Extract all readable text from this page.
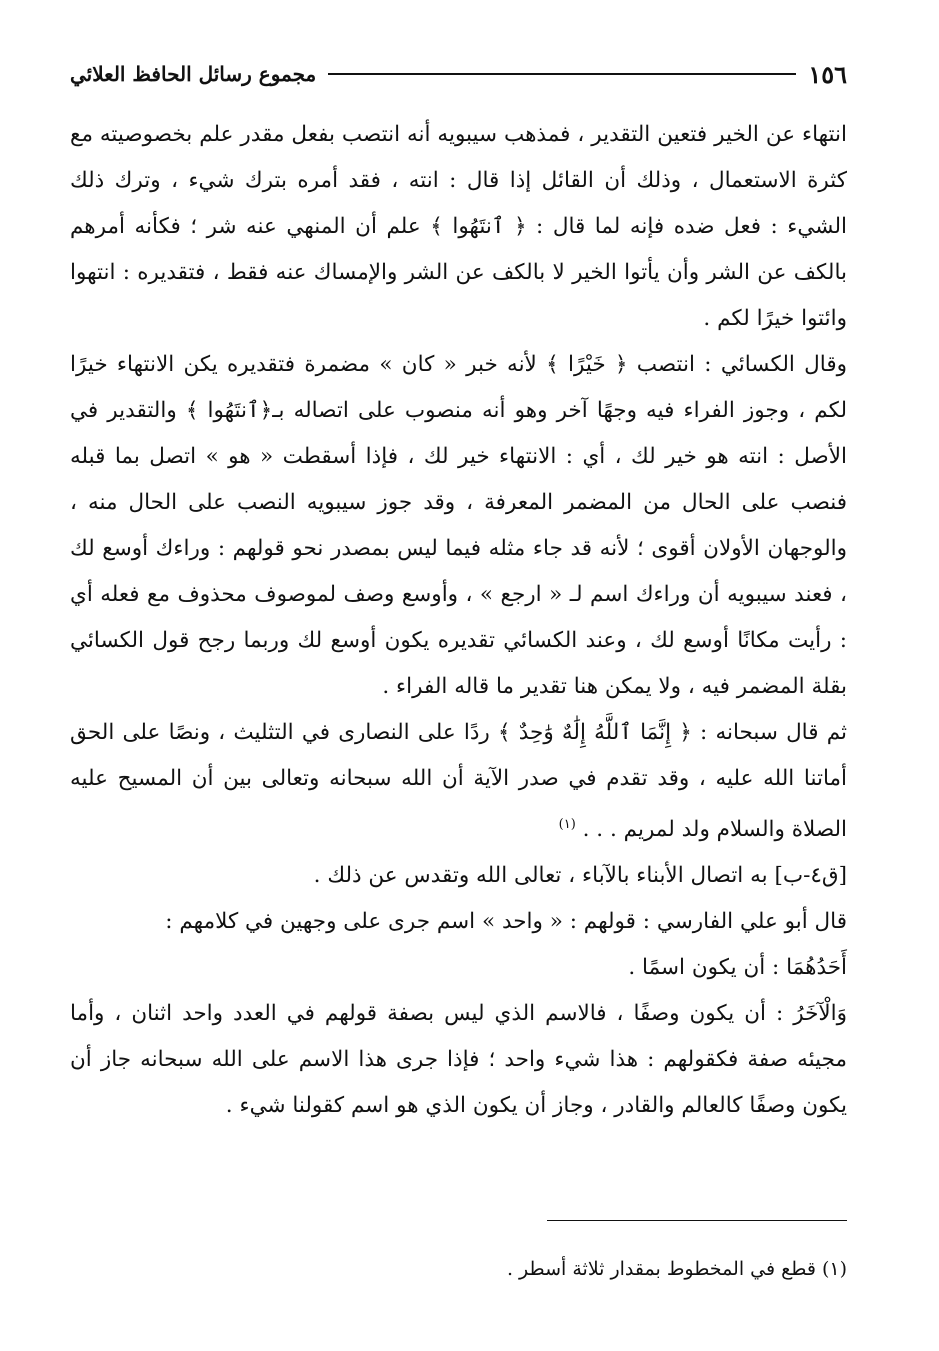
١٥٦
مجموع رسائل الحافظ العلائي

انتهاء عن الخير فتعين التقدير ، فمذهب سيبويه أنه انتصب بفعل مقدر علم بخصوصيته مع كثرة الاستعمال ، وذلك أن القائل إذا قال : انته ، فقد أمره بترك شيء ، وترك ذلك الشيء : فعل ضده فإنه لما قال : ﴿ ٱنتَهُوا ﴾ علم أن المنهي عنه شر ؛ فكأنه أمرهم بالكف عن الشر وأن يأتوا الخير لا بالكف عن الشر والإمساك عنه فقط ، فتقديره : انتهوا وائتوا خيرًا لكم .

وقال الكسائي : انتصب ﴿ خَيْرًا ﴾ لأنه خبر « كان » مضمرة فتقديره يكن الانتهاء خيرًا لكم ، وجوز الفراء فيه وجهًا آخر وهو أنه منصوب على اتصاله بـ﴿ٱنتَهُوا ﴾ والتقدير في الأصل : انته هو خير لك ، أي : الانتهاء خير لك ، فإذا أسقطت « هو » اتصل بما قبله فنصب على الحال من المضمر المعرفة ، وقد جوز سيبويه النصب على الحال منه ، والوجهان الأولان أقوى ؛ لأنه قد جاء مثله فيما ليس بمصدر نحو قولهم : وراءك أوسع لك ، فعند سيبويه أن وراءك اسم لـ « ارجع » ، وأوسع وصف لموصوف محذوف مع فعله أي : رأيت مكانًا أوسع لك ، وعند الكسائي تقديره يكون أوسع لك وربما رجح قول الكسائي بقلة المضمر فيه ، ولا يمكن هنا تقدير ما قاله الفراء .

ثم قال سبحانه : ﴿ إِنَّمَا ٱللَّهُ إِلَٰهٌ وَٰحِدٌ ﴾ ردًا على النصارى في التثليث ، ونصًا على الحق أماتنا الله عليه ، وقد تقدم في صدر الآية أن الله سبحانه وتعالى بين أن المسيح عليه الصلاة والسلام ولد لمريم . . . $^{(١)}$

[ق٤-ب] به اتصال الأبناء بالآباء ، تعالى الله وتقدس عن ذلك .

قال أبو علي الفارسي : قولهم : « واحد » اسم جرى على وجهين في كلامهم :

أَحَدُهُمَا : أن يكون اسمًا .

وَالْآخَرُ : أن يكون وصفًا ، فالاسم الذي ليس بصفة قولهم في العدد واحد اثنان ، وأما مجيئه صفة فكقولهم : هذا شيء واحد ؛ فإذا جرى هذا الاسم على الله سبحانه جاز أن يكون وصفًا كالعالم والقادر ، وجاز أن يكون الذي هو اسم كقولنا شيء .

(١) قطع في المخطوط بمقدار ثلاثة أسطر .
